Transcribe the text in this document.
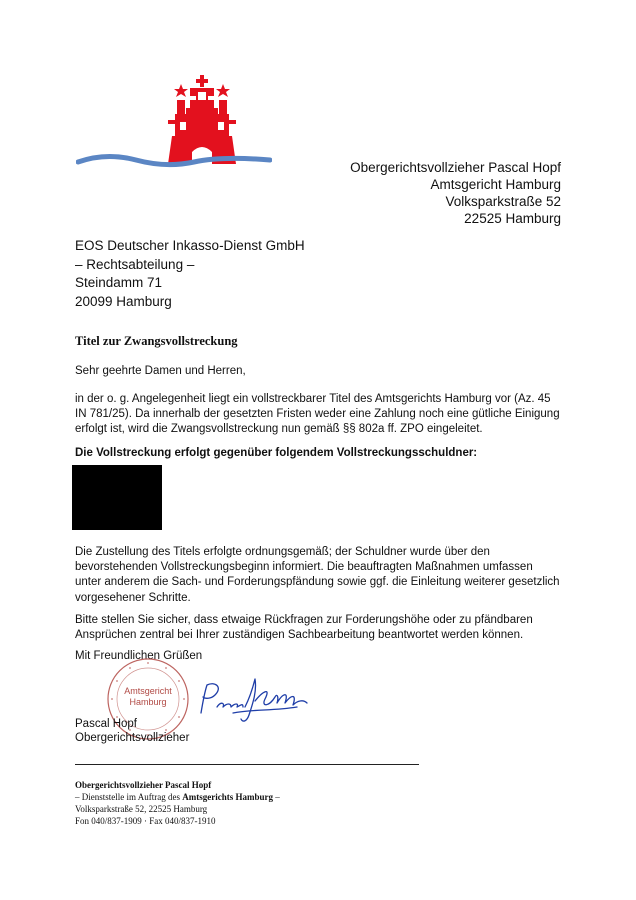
Obergerichtsvollzieher Pascal Hopf
Amtsgericht Hamburg
Volksparkstraße 52
22525 Hamburg
EOS Deutscher Inkasso-Dienst GmbH
– Rechtsabteilung –
Steindamm 71
20099 Hamburg
Titel zur Zwangsvollstreckung
Sehr geehrte Damen und Herren,
in der o. g. Angelegenheit liegt ein vollstreckbarer Titel des Amtsgerichts Hamburg vor (Az. 45 IN 781/25). Da innerhalb der gesetzten Fristen weder eine Zahlung noch eine gütliche Einigung erfolgt ist, wird die Zwangsvollstreckung nun gemäß §§ 802a ff. ZPO eingeleitet.
Die Vollstreckung erfolgt gegenüber folgendem Vollstreckungsschuldner:
Die Zustellung des Titels erfolgte ordnungsgemäß; der Schuldner wurde über den bevorstehenden Vollstreckungsbeginn informiert. Die beauftragten Maßnahmen umfassen unter anderem die Sach- und Forderungspfändung sowie ggf. die Einleitung weiterer gesetzlich vorgesehener Schritte.
Bitte stellen Sie sicher, dass etwaige Rückfragen zur Forderungshöhe oder zu pfändbaren Ansprüchen zentral bei Ihrer zuständigen Sachbearbeitung beantwortet werden können.
Mit Freundlichen Grüßen
Amtsgericht
Hamburg
Pascal Hopf
Obergerichtsvollzieher
Obergerichtsvollzieher Pascal Hopf
– Dienststelle im Auftrag des Amtsgerichts Hamburg –
Volksparkstraße 52, 22525 Hamburg
Fon 040/837-1909 · Fax 040/837-1910
